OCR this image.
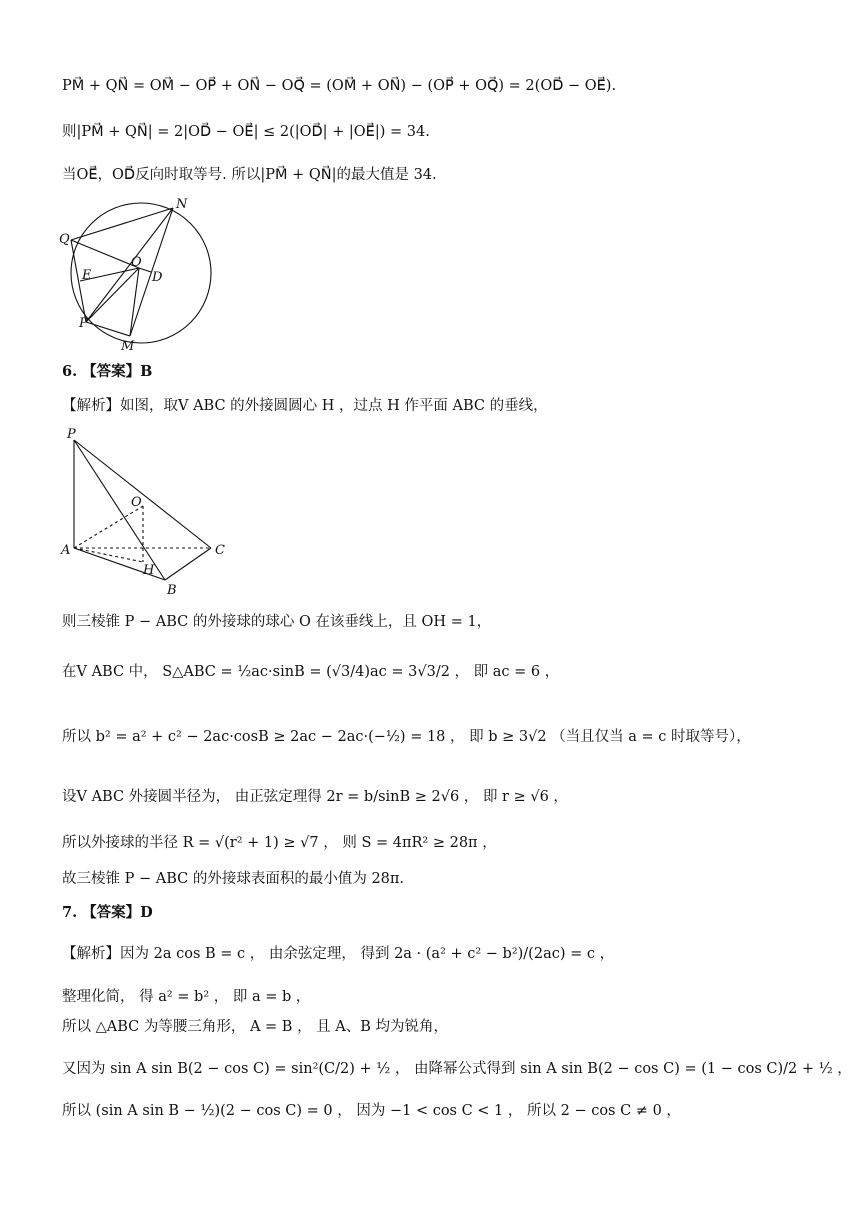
PM⃗ + QN⃗ = OM⃗ − OP⃗ + ON⃗ − OQ⃗ = (OM⃗ + ON⃗) − (OP⃗ + OQ⃗) = 2(OD⃗ − OE⃗).
则|PM⃗ + QN⃗| = 2|OD⃗ − OE⃗| ≤ 2(|OD⃗| + |OE⃗|) = 34.
当OE⃗，OD⃗反向时取等号. 所以|PM⃗ + QN⃗|的最大值是 34.
N
Q
E
O
D
P
M
6. 【答案】B
【解析】如图，取V ABC 的外接圆圆心 H ，过点 H 作平面 ABC 的垂线，
P
O
A	C
H
B
则三棱锥 P − ABC 的外接球的球心 O 在该垂线上，且 OH = 1，
在V ABC 中， S△ABC = ½ac·sinB = (√3/4)ac = 3√3/2 ， 即 ac = 6 ，
所以 b² = a² + c² − 2ac·cosB ≥ 2ac − 2ac·(−½) = 18 ， 即 b ≥ 3√2 （当且仅当 a = c 时取等号），
设V ABC 外接圆半径为， 由正弦定理得 2r = b/sinB ≥ 2√6 ， 即 r ≥ √6 ，
所以外接球的半径 R = √(r² + 1) ≥ √7 ， 则 S = 4πR² ≥ 28π ，
故三棱锥 P − ABC 的外接球表面积的最小值为 28π.
7. 【答案】D
【解析】因为 2a cos B = c ， 由余弦定理， 得到 2a · (a² + c² − b²)/(2ac) = c ，
整理化简， 得 a² = b² ， 即 a = b ，
所以 △ABC 为等腰三角形， A = B ， 且 A、B 均为锐角，
又因为 sin A sin B(2 − cos C) = sin²(C/2) + ½ ， 由降幂公式得到 sin A sin B(2 − cos C) = (1 − cos C)/2 + ½ ，
所以 (sin A sin B − ½)(2 − cos C) = 0 ， 因为 −1 < cos C < 1 ， 所以 2 − cos C ≠ 0 ，
